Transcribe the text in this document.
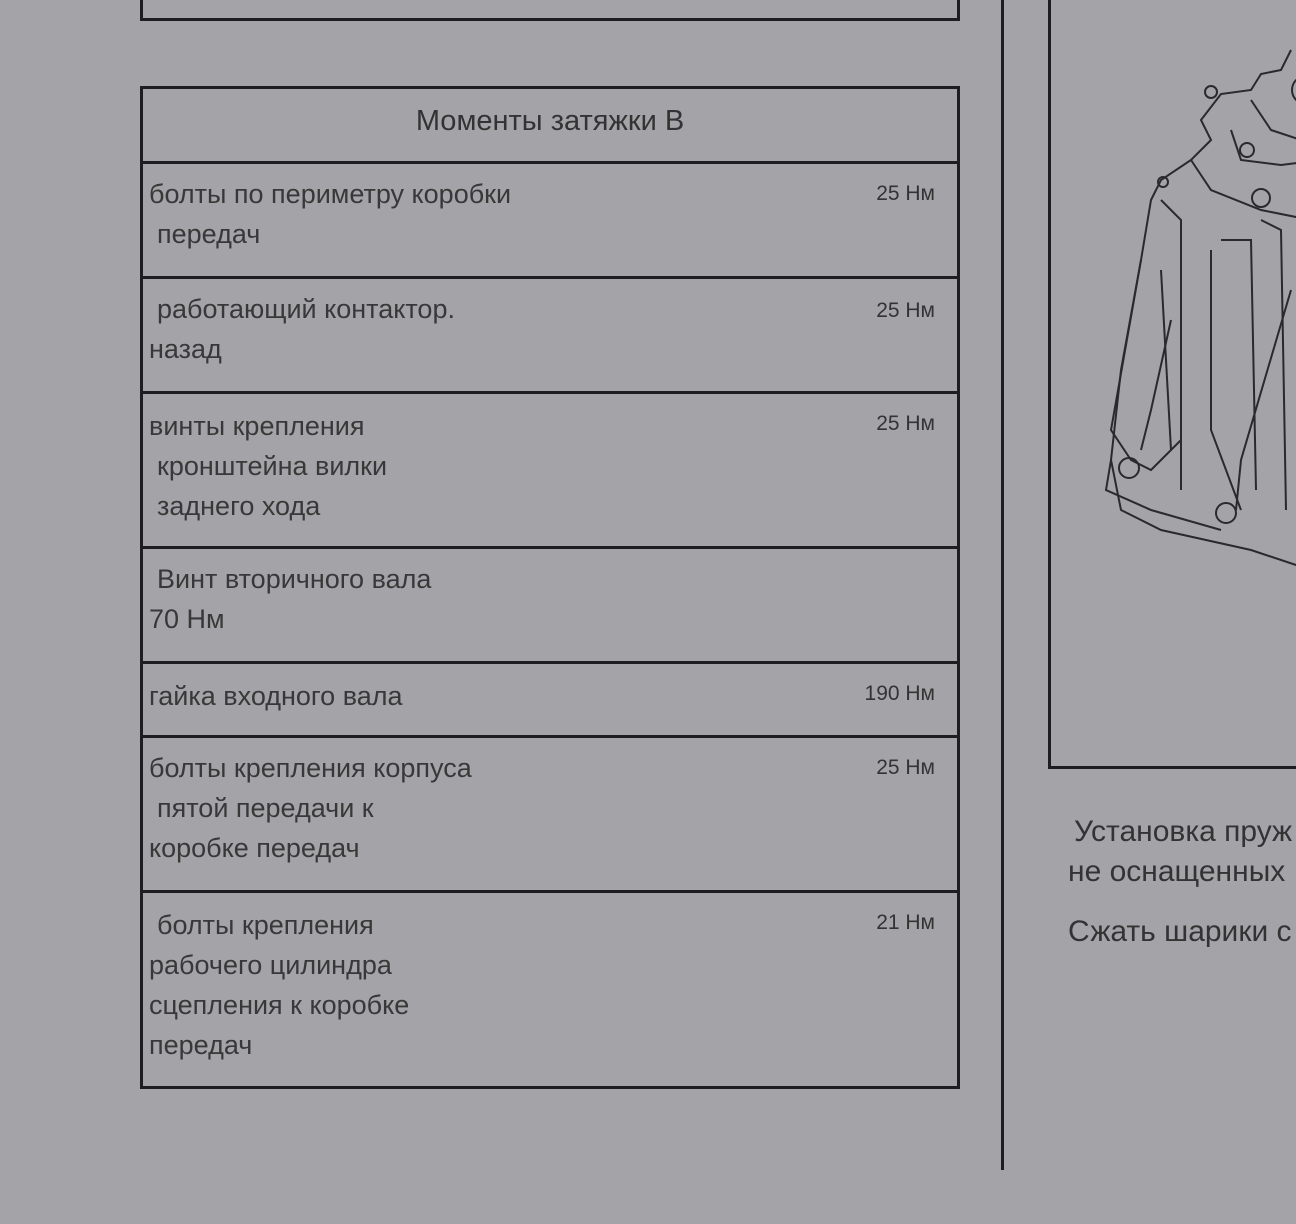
Моменты затяжки В
болты по периметру коробки
передач
25 Нм
работающий контактор.
назад
25 Нм
винты крепления
кронштейна вилки
заднего хода
25 Нм
Винт вторичного вала
70 Нм
гайка входного вала	190 Нм
болты крепления корпуса
пятой передачи к
коробке передач
25 Нм
болты крепления
рабочего цилиндра
сцепления к коробке
передач
21 Нм

Установка пруж

не оснащенных

Сжать шарики с
